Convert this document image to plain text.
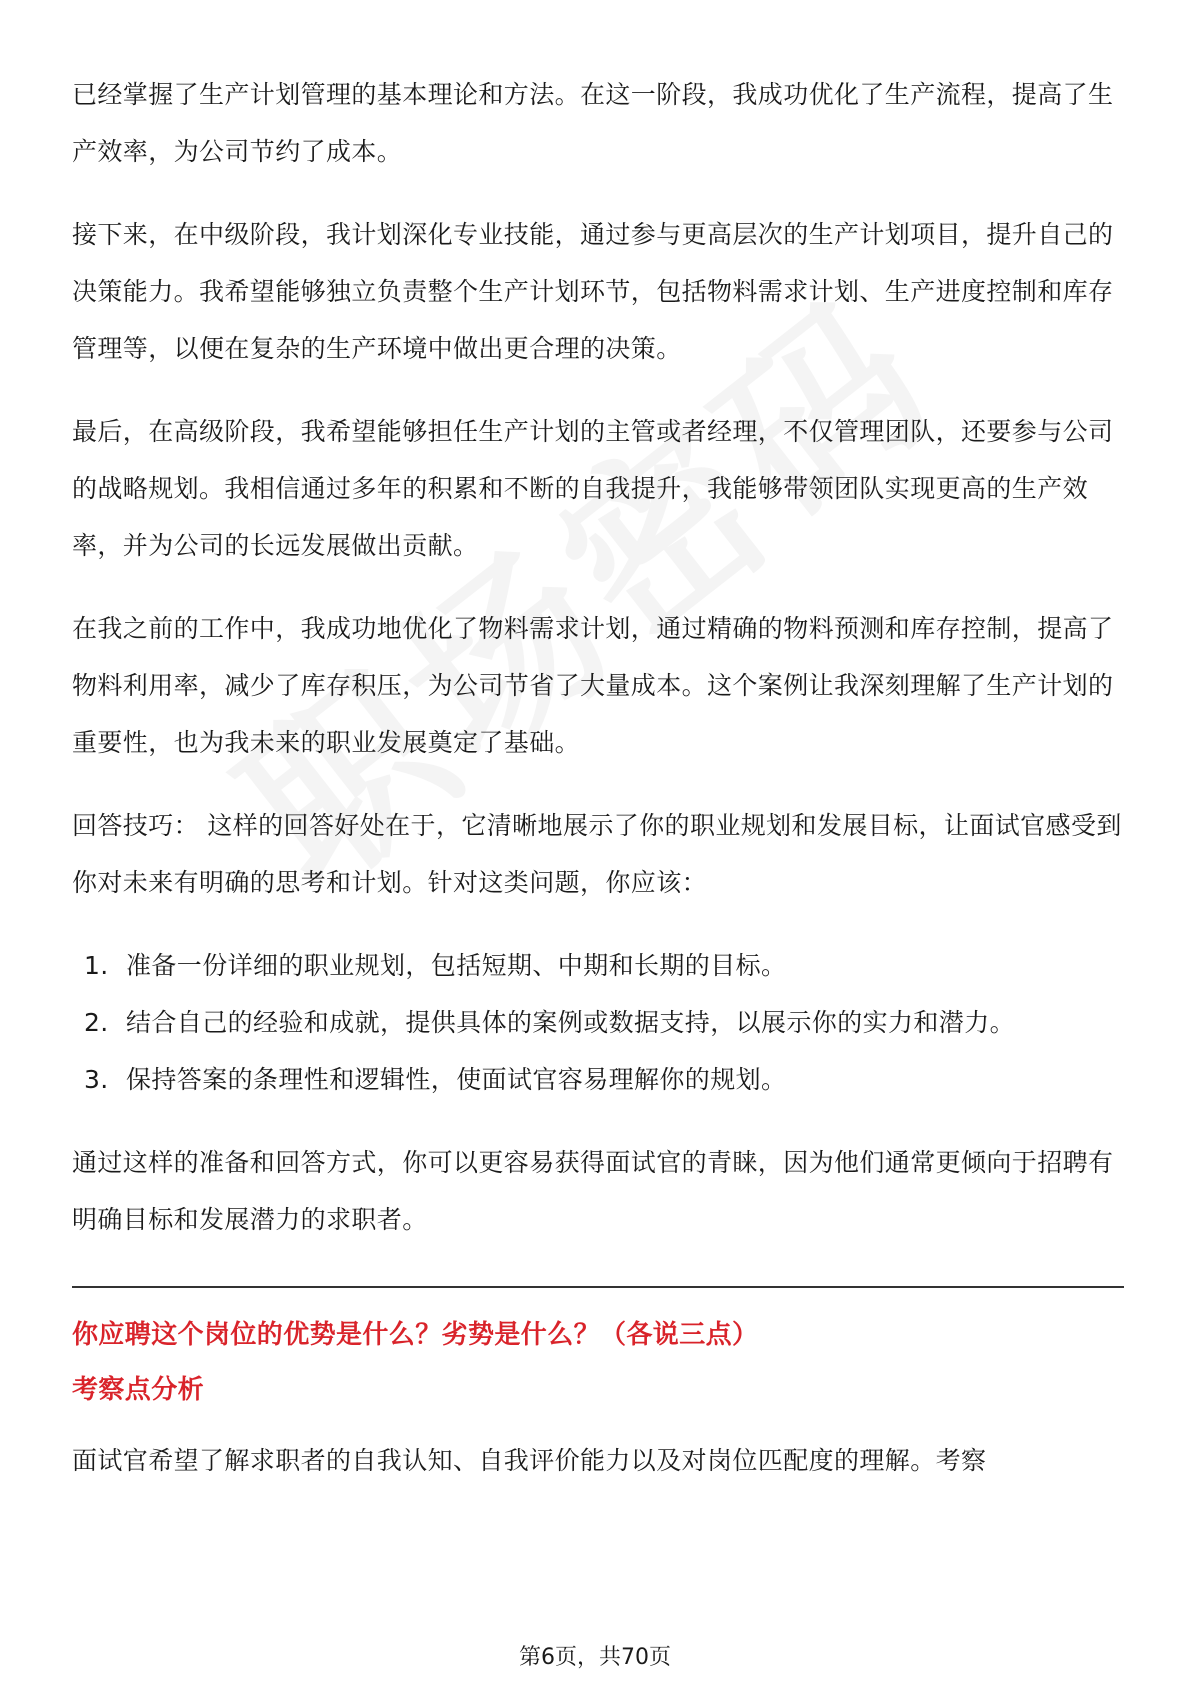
已经掌握了生产计划管理的基本理论和方法。在这一阶段，我成功优化了生产流程，提高了生产效率，为公司节约了成本。

接下来，在中级阶段，我计划深化专业技能，通过参与更高层次的生产计划项目，提升自己的决策能力。我希望能够独立负责整个生产计划环节，包括物料需求计划、生产进度控制和库存管理等，以便在复杂的生产环境中做出更合理的决策。

最后，在高级阶段，我希望能够担任生产计划的主管或者经理，不仅管理团队，还要参与公司的战略规划。我相信通过多年的积累和不断的自我提升，我能够带领团队实现更高的生产效率，并为公司的长远发展做出贡献。

在我之前的工作中，我成功地优化了物料需求计划，通过精确的物料预测和库存控制，提高了物料利用率，减少了库存积压，为公司节省了大量成本。这个案例让我深刻理解了生产计划的重要性，也为我未来的职业发展奠定了基础。

回答技巧： 这样的回答好处在于，它清晰地展示了你的职业规划和发展目标，让面试官感受到你对未来有明确的思考和计划。针对这类问题，你应该：

1. 准备一份详细的职业规划，包括短期、中期和长期的目标。
2. 结合自己的经验和成就，提供具体的案例或数据支持，以展示你的实力和潜力。
3. 保持答案的条理性和逻辑性，使面试官容易理解你的规划。

通过这样的准备和回答方式，你可以更容易获得面试官的青睐，因为他们通常更倾向于招聘有明确目标和发展潜力的求职者。

你应聘这个岗位的优势是什么？劣势是什么？（各说三点）
考察点分析

面试官希望了解求职者的自我认知、自我评价能力以及对岗位匹配度的理解。考察

第6页，共70页
